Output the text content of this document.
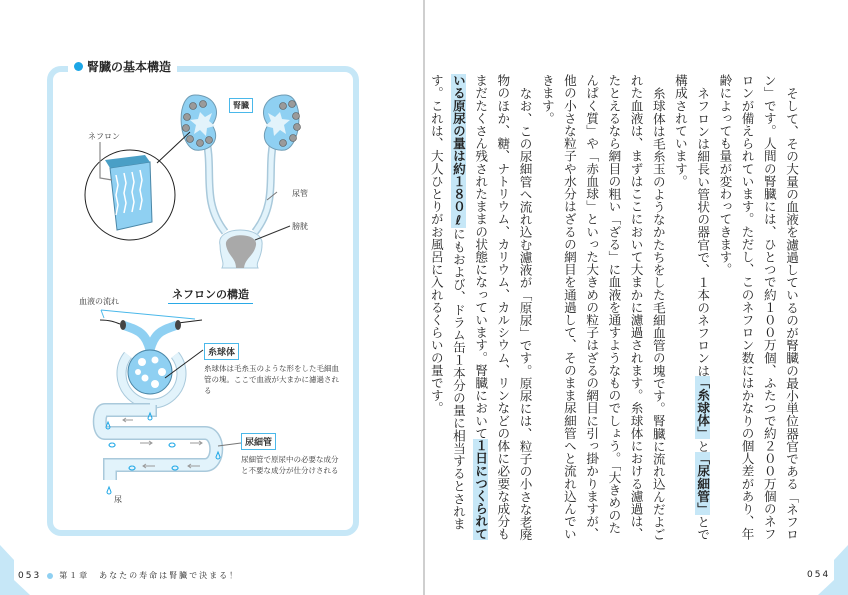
腎臓の基本構造
腎臓
ネフロン
尿管
膀胱
ネフロンの構造
血液の流れ
糸球体
糸球体は毛糸玉のような形をした毛細血管の塊。ここで血液が大まかに濾過される
尿細管
尿細管で原尿中の必要な成分と不要な成分が仕分けされる
尿
053 第１章　あなたの寿命は腎臓で決まる！

そして、その大量の血液を濾過しているのが腎臓の最小単位器官である「ネフロン」です。人間の腎臓には、ひとつで約１００万個、ふたつで約２００万個のネフロンが備えられています。ただし、このネフロン数にはかなりの個人差があり、年齢によっても量が変わってきます。

ネフロンは細長い管状の器官で、１本のネフロンは「糸球体」と「尿細管」とで構成されています。

糸球体は毛糸玉のようなかたちをした毛細血管の塊です。腎臓に流れ込んだよごれた血液は、まずはここにおいて大まかに濾過されます。糸球体における濾過は、たとえるなら網目の粗い「ざる」に血液を通すようなものでしょう。「大きめのたんぱく質」や「赤血球」といった大きめの粒子はざるの網目に引っ掛かりますが、他の小さな粒子や水分はざるの網目を通過して、そのまま尿細管へと流れ込んでいきます。

なお、この尿細管へ流れ込む濾液が「原尿」です。原尿には、粒子の小さな老廃物のほか、糖、ナトリウム、カリウム、カルシウム、リンなどの体に必要な成分もまだたくさん残されたままの状態になっています。腎臓において１日につくられている原尿の量は約１８０ℓにもおよび、ドラム缶１本分の量に相当するとされます。これは、大人ひとりがお風呂に入れるくらいの量です。

054
